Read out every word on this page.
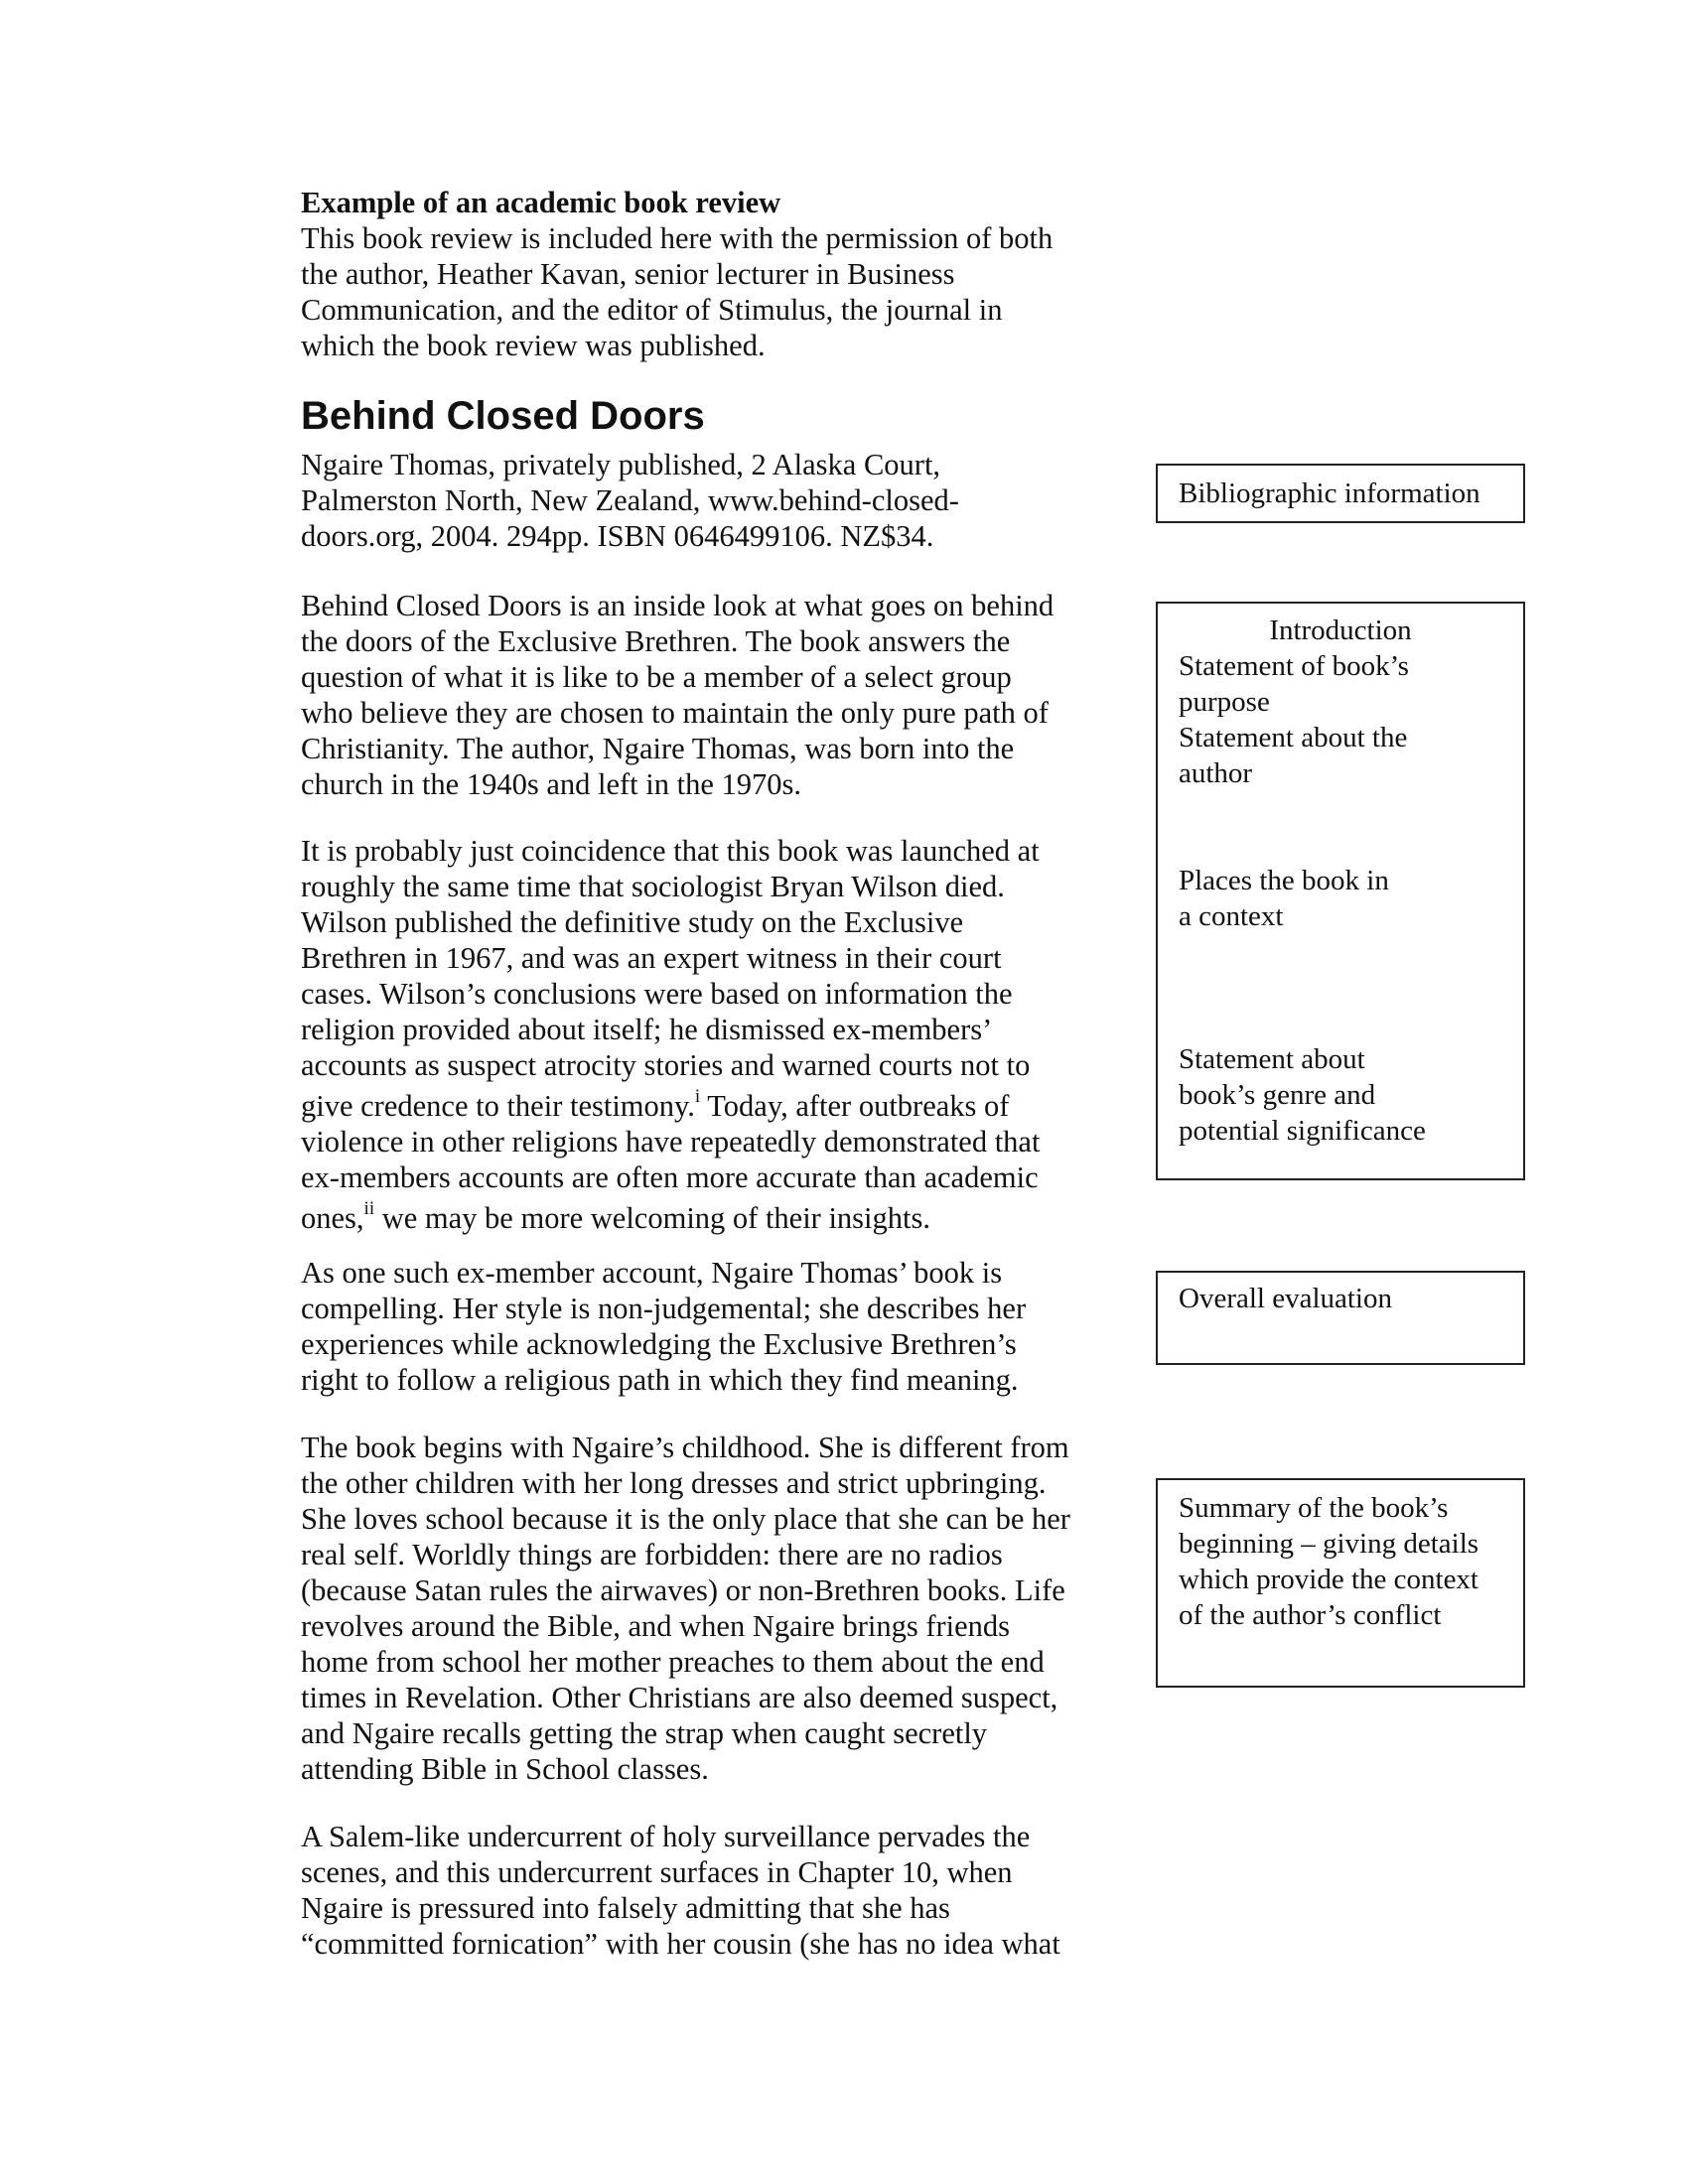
Example of an academic book review
This book review is included here with the permission of both
the author, Heather Kavan, senior lecturer in Business
Communication, and the editor of Stimulus, the journal in
which the book review was published.
Behind Closed Doors
Ngaire Thomas, privately published, 2 Alaska Court,
Palmerston North, New Zealand, www.behind-closed-
doors.org, 2004. 294pp. ISBN 0646499106. NZ$34.
Behind Closed Doors is an inside look at what goes on behind
the doors of the Exclusive Brethren. The book answers the
question of what it is like to be a member of a select group
who believe they are chosen to maintain the only pure path of
Christianity. The author, Ngaire Thomas, was born into the
church in the 1940s and left in the 1970s.
It is probably just coincidence that this book was launched at
roughly the same time that sociologist Bryan Wilson died.
Wilson published the definitive study on the Exclusive
Brethren in 1967, and was an expert witness in their court
cases. Wilson’s conclusions were based on information the
religion provided about itself; he dismissed ex-members’
accounts as suspect atrocity stories and warned courts not to
give credence to their testimony.$^i$ Today, after outbreaks of
violence in other religions have repeatedly demonstrated that
ex-members accounts are often more accurate than academic
ones,$^{ii}$ we may be more welcoming of their insights.
As one such ex-member account, Ngaire Thomas’ book is
compelling. Her style is non-judgemental; she describes her
experiences while acknowledging the Exclusive Brethren’s
right to follow a religious path in which they find meaning.
The book begins with Ngaire’s childhood. She is different from
the other children with her long dresses and strict upbringing.
She loves school because it is the only place that she can be her
real self. Worldly things are forbidden: there are no radios
(because Satan rules the airwaves) or non-Brethren books. Life
revolves around the Bible, and when Ngaire brings friends
home from school her mother preaches to them about the end
times in Revelation. Other Christians are also deemed suspect,
and Ngaire recalls getting the strap when caught secretly
attending Bible in School classes.
A Salem-like undercurrent of holy surveillance pervades the
scenes, and this undercurrent surfaces in Chapter 10, when
Ngaire is pressured into falsely admitting that she has
“committed fornication” with her cousin (she has no idea what
Bibliographic information
Introduction
Statement of book’s
purpose
Statement about the
author
Places the book in
a context
Statement about
book’s genre and
potential significance
Overall evaluation
Summary of the book’s
beginning – giving details
which provide the context
of the author’s conflict
